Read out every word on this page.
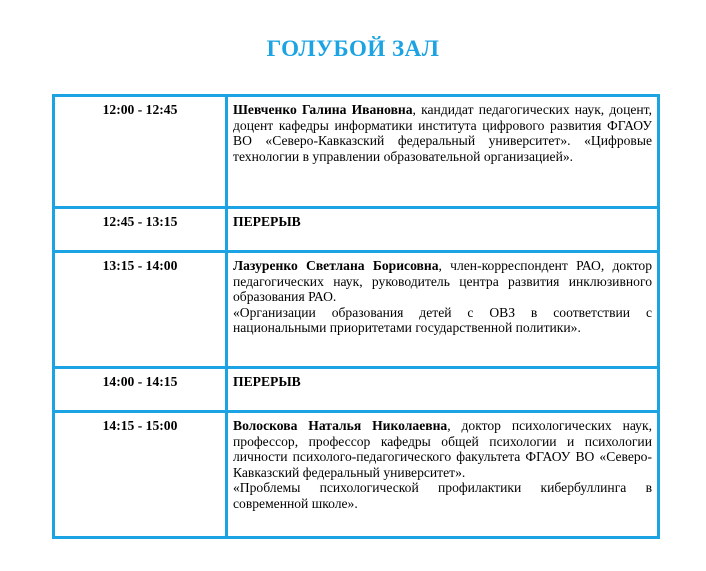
ГОЛУБОЙ ЗАЛ
12:00 - 12:45	Шевченко Галина Ивановна, кандидат педагогических наук, доцент, доцент кафедры информатики института цифрового развития ФГАОУ ВО «Северо-Кавказский федеральный университет». «Цифровые технологии в управлении образовательной организацией».
12:45 - 13:15	ПЕРЕРЫВ
13:15 - 14:00	Лазуренко Светлана Борисовна, член-корреспондент РАО, доктор педагогических наук, руководитель центра развития инклюзивного образования РАО.

«Организации образования детей с ОВЗ в соответствии с национальными приоритетами государственной политики».

14:00 - 14:15	ПЕРЕРЫВ
14:15 - 15:00	Волоскова Наталья Николаевна, доктор психологических наук, профессор, профессор кафедры общей психологии и психологии личности психолого-педагогического факультета ФГАОУ ВО «Северо-Кавказский федеральный университет».

«Проблемы психологической профилактики кибербуллинга в современной школе».
